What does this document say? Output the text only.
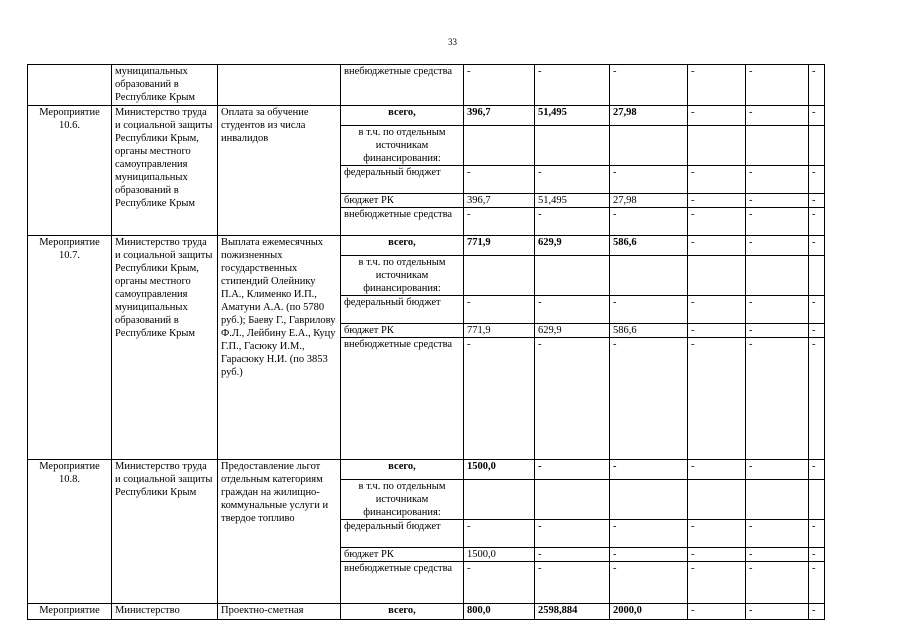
33
	муниципальных образований в Республике Крым		внебюджетные средства	-	-	-	-	-	-
Мероприятие 10.6.	Министерство труда и социальной защиты Республики Крым, органы местного самоуправления муниципальных образований в Республике Крым	Оплата за обучение студентов из числа инвалидов	всего,	396,7	51,495	27,98	-	-	-
			в т.ч. по отдельным источникам финансирования:						
			федеральный бюджет	-	-	-	-	-	-
			бюджет РК	396,7	51,495	27,98	-	-	-
			внебюджетные средства	-	-	-	-	-	-
Мероприятие 10.7.	Министерство труда и социальной защиты Республики Крым, органы местного самоуправления муниципальных образований в Республике Крым	Выплата ежемесячных пожизненных государственных стипендий Олейнику П.А., Клименко И.П., Аматуни А.А. (по 5780 руб.); Баеву Г., Гаврилову Ф.Л., Лейбину Е.А., Куцу Г.П., Гасюку И.М., Гарасюку Н.И. (по 3853 руб.)	всего,	771,9	629,9	586,6	-	-	-
			в т.ч. по отдельным источникам финансирования:						
			федеральный бюджет	-	-	-	-	-	-
			бюджет РК	771,9	629,9	586,6	-	-	-
			внебюджетные средства	-	-	-	-	-	-
Мероприятие 10.8.	Министерство труда и социальной защиты Республики Крым	Предоставление льгот отдельным категориям граждан на жилищно-коммунальные услуги и твердое топливо	всего,	1500,0	-	-	-	-	-
			в т.ч. по отдельным источникам финансирования:						
			федеральный бюджет	-	-	-	-	-	-
			бюджет РК	1500,0	-	-	-	-	-
			внебюджетные средства	-	-	-	-	-	-
Мероприятие	Министерство	Проектно-сметная	всего,	800,0	2598,884	2000,0	-	-	-
